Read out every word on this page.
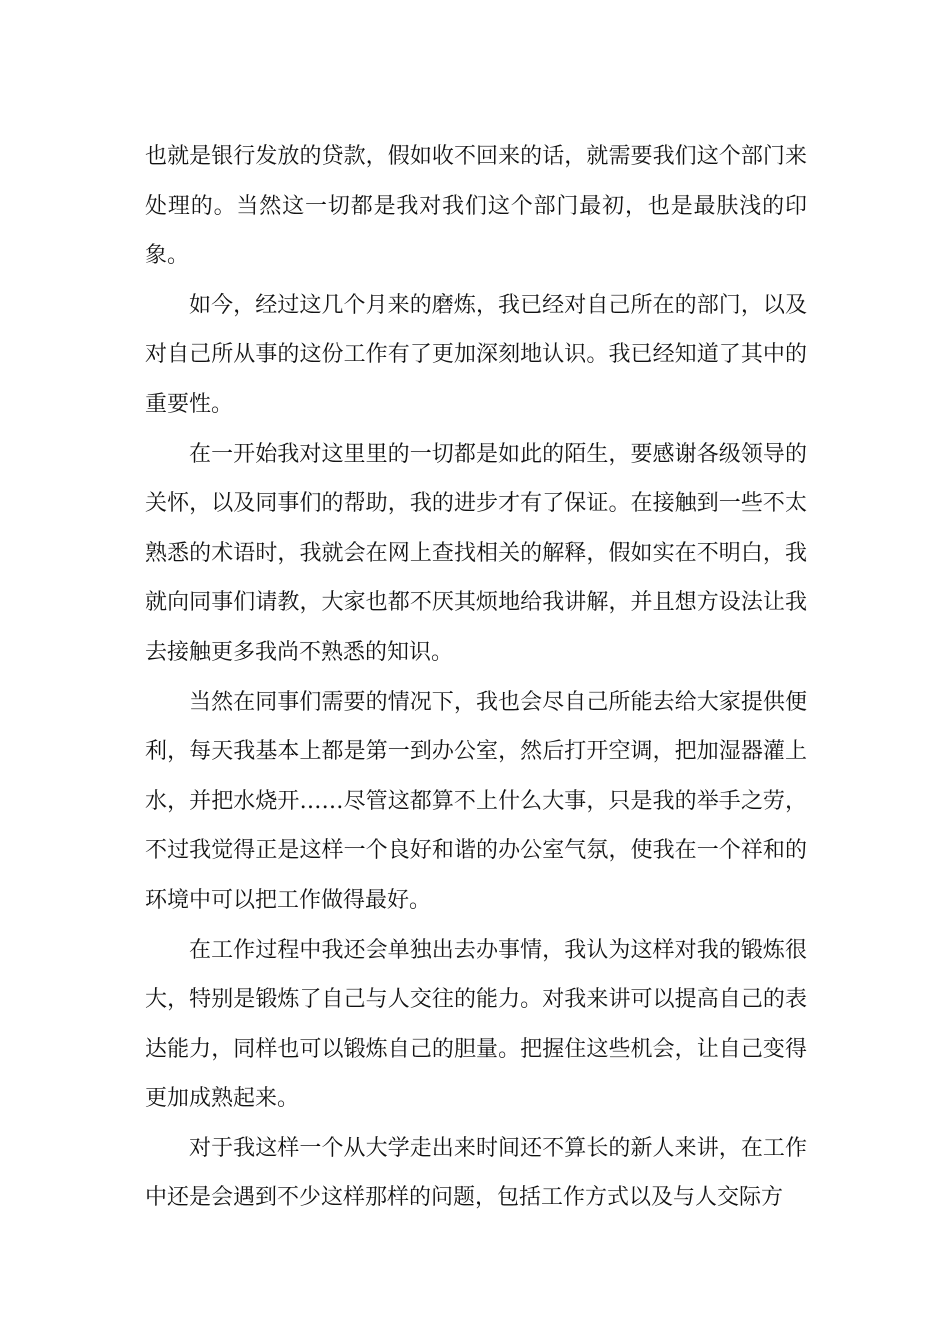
也就是银行发放的贷款，假如收不回来的话，就需要我们这个部门来处理的。当然这一切都是我对我们这个部门最初，也是最肤浅的印象。

如今，经过这几个月来的磨炼，我已经对自己所在的部门，以及对自己所从事的这份工作有了更加深刻地认识。我已经知道了其中的重要性。

在一开始我对这里里的一切都是如此的陌生，要感谢各级领导的关怀，以及同事们的帮助，我的进步才有了保证。在接触到一些不太熟悉的术语时，我就会在网上查找相关的解释，假如实在不明白，我就向同事们请教，大家也都不厌其烦地给我讲解，并且想方设法让我去接触更多我尚不熟悉的知识。

当然在同事们需要的情况下，我也会尽自己所能去给大家提供便利，每天我基本上都是第一到办公室，然后打开空调，把加湿器灌上水，并把水烧开……尽管这都算不上什么大事，只是我的举手之劳，不过我觉得正是这样一个良好和谐的办公室气氛，使我在一个祥和的环境中可以把工作做得最好。

在工作过程中我还会单独出去办事情，我认为这样对我的锻炼很大，特别是锻炼了自己与人交往的能力。对我来讲可以提高自己的表达能力，同样也可以锻炼自己的胆量。把握住这些机会，让自己变得更加成熟起来。

对于我这样一个从大学走出来时间还不算长的新人来讲，在工作中还是会遇到不少这样那样的问题，包括工作方式以及与人交际方
